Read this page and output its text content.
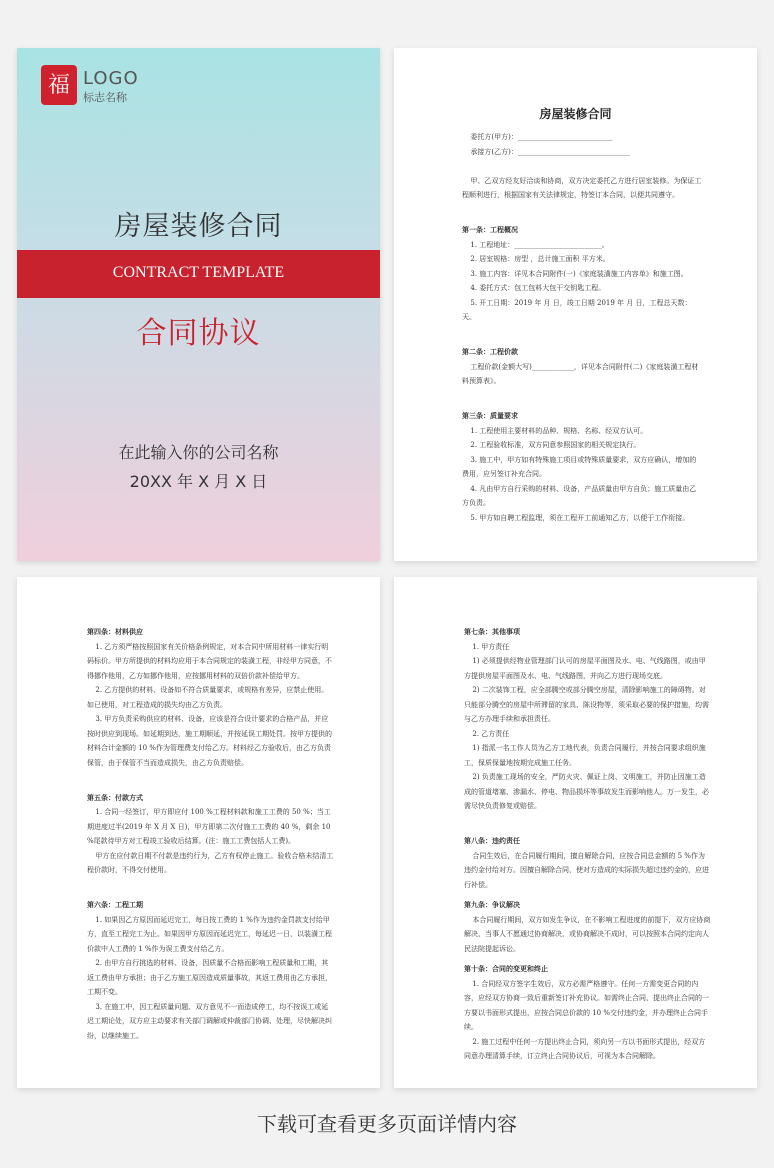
福 LOGO
标志名称
房屋装修合同
CONTRACT TEMPLATE
合同协议
在此输入你的公司名称
20XX 年 X 月 X 日
房屋装修合同

委托方(甲方)：___________________________

承接方(乙方)：________________________________

甲、乙双方经友好洽谈和协商，双方决定委托乙方进行居室装修。为保证工程顺利进行，根据国家有关法律规定，特签订本合同，以便共同遵守。

第一条：工程概况

1. 工程地址：_________________________。

2. 居室规格：房型 ，总计施工面积 平方米。

3. 施工内容：详见本合同附件(一)《家庭装潢施工内容单》和施工图。

4. 委托方式：包工包料大包干交钥匙工程。

5. 开工日期：2019 年 月 日，竣工日期 2019 年 月 日，工程总天数：天。

第二条：工程价款

工程价款(金额大写)____________，详见本合同附件(二)《家庭装潢工程材料预算表》。

第三条：质量要求

1. 工程使用主要材料的品种、规格、名称、经双方认可。

2. 工程验收标准，双方同意参照国家的相关规定执行。

3. 施工中，甲方如有特殊施工项目或特殊质量要求，双方应确认，增加的费用，应另签订补充合同。

4. 凡由甲方自行采购的材料、设备，产品质量由甲方自负；施工质量由乙方负责。

5. 甲方如自聘工程监理，须在工程开工前通知乙方，以便于工作衔接。

第四条：材料供应

1. 乙方须严格按照国家有关价格条例规定，对本合同中所用材料一律实行明码标价。甲方所提供的材料均应用于本合同规定的装潢工程，非经甲方同意，不得挪作他用，乙方如挪作他用，应按挪用材料的双倍价款补偿给甲方。

2. 乙方提供的材料、设备如不符合质量要求，或规格有差异，应禁止使用。如已使用，对工程造成的损失均由乙方负责。

3. 甲方负责采购供应的材料、设备，应该是符合设计要求的合格产品，并应按时供应到现场。如延期到达，施工期顺延，并按延误工期处罚。按甲方提供的材料合计金额的 10 %作为管理费支付给乙方。材料经乙方验收后，由乙方负责保管，由于保管不当而造成损失，由乙方负责赔偿。

第五条：付款方式

1. 合同一经签订，甲方即应付 100 %工程材料款和施工工费的 50 %；当工期进度过半(2019 年 X 月 X 日)，甲方即第二次付施工工费的 40 %，剩余 10 %尾款待甲方对工程竣工验收后结算。(注：施工工费包括人工费)。

甲方在应付款日期不付款是违约行为，乙方有权停止施工。验收合格未结清工程价款时，不得交付使用。

第六条：工程工期

1. 如果因乙方原因而延迟完工，每日按工费的 1 %作为违约金罚款支付给甲方，直至工程完工为止。如果因甲方原因而延迟完工，每延迟一日，以装潢工程价款中人工费的 1 %作为误工费支付给乙方。

2. 由甲方自行挑选的材料、设备，因质量不合格而影响工程质量和工期，其返工费由甲方承担；由于乙方施工原因造成质量事故，其返工费用由乙方承担，工期不变。

3. 在施工中，因工程质量问题、双方意见不一而造成停工，均不按误工或延迟工期论处，双方应主动要求有关部门调解或仲裁部门协调、处理，尽快解决纠纷，以继续施工。

第七条：其他事项

1. 甲方责任

1) 必须提供经物业管理部门认可的房屋平面图及水、电、气线路图，或由甲方提供房屋平面图及水、电、气线路图，并向乙方进行现场交底。

2) 二次装饰工程，应全部腾空或部分腾空房屋，清除影响施工的障碍物。对只能部分腾空的房屋中所滞留的家具、陈设物等，须采取必要的保护措施，均需与乙方办理手续和承担责任。

2. 乙方责任

1) 指派一名工作人员为乙方工地代表，负责合同履行，并按合同要求组织施工，保质保量地按期完成施工任务。

2) 负责施工现场的安全，严防火灾、佩证上岗、文明施工，并防止因施工造成的管道堵塞、渗漏水、停电、物品损坏等事故发生而影响他人。万一发生，必需尽快负责修复或赔偿。

第八条：违约责任

合同生效后，在合同履行期间，擅自解除合同，应按合同总金额的 5 %作为违约金付给对方。因擅自解除合同，使对方造成的实际损失超过违约金的，应进行补偿。

第九条：争议解决

本合同履行期间，双方如发生争议，在不影响工程进度的前提下，双方应协商解决、当事人不愿通过协商解决，或协商解决不成时，可以按照本合同约定向人民法院提起诉讼。

第十条：合同的变更和终止

1. 合同经双方签字生效后，双方必需严格遵守。任何一方需变更合同的内容，应经双方协商一致后重新签订补充协议。如需终止合同，提出终止合同的一方要以书面形式提出，应按合同总价款的 10 %交付违约金，并办理终止合同手续。

2. 施工过程中任何一方提出终止合同，须向另一方以书面形式提出，经双方同意办理清算手续，订立终止合同协议后，可视为本合同解除。

下载可查看更多页面详情内容
